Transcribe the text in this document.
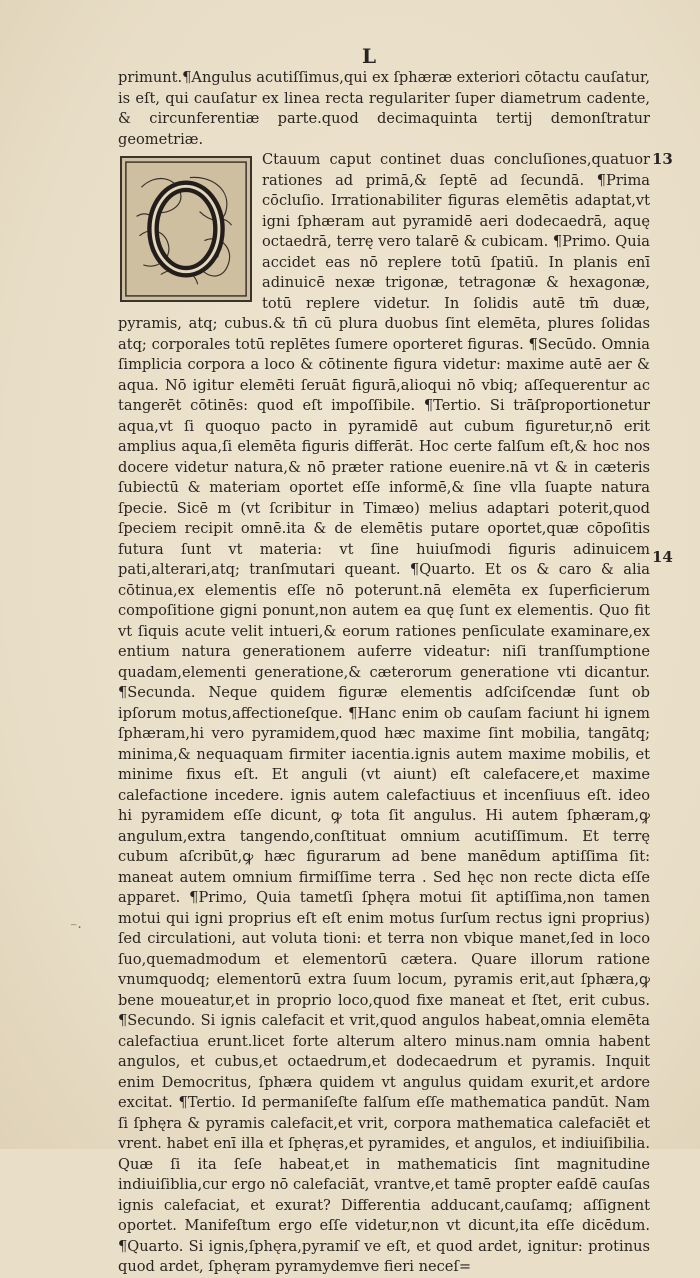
L
13
14
⁻·

primunt.¶Angulus acutiſſimus,qui ex ſphæræ exteriori cōtactu cauſatur, is eſt, qui cauſatur ex linea recta regulariter ſuper diametrum cadente, & circunferentiæ parte.quod decimaquinta tertij demonſtratur geometriæ.

Ctauum caput continet duas concluſiones,quatuor rationes ad primā,& ſeptē ad ſecundā. ¶Prima cōcluſio. Irrationabiliter figuras elemētis adaptat,vt igni ſphæram aut pyramidē aeri dodecaedrā, aquę octaedrā, terrę vero talarē & cubicam. ¶Primo. Quia accidet eas nō replere totū ſpatiū. In planis enī adinuicē nexæ trigonæ, tetragonæ & hexagonæ, totū replere videtur. In ſolidis autē tm̄ duæ, pyramis, atq; cubus.& tn̄ cū plura duobus ſint elemēta, plures ſolidas atq; corporales totū replētes ſumere oporteret figuras. ¶Secūdo. Omnia ſimplicia corpora a loco & cōtinente figura videtur: maxime autē aer & aqua. Nō igitur elemēti ſeruāt figurā,alioqui nō vbiq; aſſequerentur ac tangerēt cōtinēs: quod eſt impoſſibile. ¶Tertio. Si trāſproportionetur aqua,vt ſi quoquo pacto in pyramidē aut cubum figuretur,nō erit amplius aqua,ſi elemēta figuris differāt. Hoc certe falſum eſt,& hoc nos docere videtur natura,& nō præter ratione euenire.nā vt & in cæteris ſubiectū & materiam oportet eſſe informē,& ſine vlla ſuapte natura ſpecie. Sicē m (vt ſcribitur in Timæo) melius adaptari poterit,quod ſpeciem recipit omnē.ita & de elemētis putare oportet,quæ cōpoſitis futura ſunt vt materia: vt ſine huiuſmodi figuris adinuicem pati,alterari,atq; tranſmutari queant. ¶Quarto. Et os & caro & alia cōtinua,ex elementis eſſe nō poterunt.nā elemēta ex ſuperficierum compoſitione gigni ponunt,non autem ea quę ſunt ex elementis. Quo fit vt ſiquis acute velit intueri,& eorum rationes penſiculate examinare,ex entium natura generationem auferre videatur: niſi tranſſumptione quadam,elementi generatione,& cæterorum generatione vti dicantur. ¶Secunda. Neque quidem figuræ elementis adſciſcendæ ſunt ob ipſorum motus,affectioneſque. ¶Hanc enim ob cauſam faciunt hi ignem ſphæram,hi vero pyramidem,quod hæc maxime ſint mobilia, tangātq; minima,& nequaquam firmiter iacentia.ignis autem maxime mobilis, et minime fixus eſt. Et anguli (vt aiunt) eſt calefacere,et maxime calefactione incedere. ignis autem calefactiuus et incenſiuus eſt. ideo hi pyramidem eſſe dicunt, ꝙ tota ſit angulus. Hi autem ſphæram,ꝙ angulum,extra tangendo,conſtituat omnium acutiſſimum. Et terrę cubum aſcribūt,ꝙ hæc figurarum ad bene manēdum aptiſſima ſit: maneat autem omnium firmiſſime terra . Sed hęc non recte dicta eſſe apparet. ¶Primo, Quia tametſi ſphęra motui ſit aptiſſima,non tamen motui qui igni proprius eſt eſt enim motus ſurſum rectus igni proprius) ſed circulationi, aut voluta tioni: et terra non vbique manet,ſed in loco ſuo,quemadmodum et elementorū cætera. Quare illorum ratione vnumquodq; elementorū extra ſuum locum, pyramis erit,aut ſphæra,ꝙ bene moueatur,et in proprio loco,quod fixe maneat et ſtet, erit cubus. ¶Secundo. Si ignis calefacit et vrit,quod angulos habeat,omnia elemēta calefactiua erunt.licet forte alterum altero minus.nam omnia habent angulos, et cubus,et octaedrum,et dodecaedrum et pyramis. Inquit enim Democritus, ſphæra quidem vt angulus quidam exurit,et ardore excitat. ¶Tertio. Id permaniſeſte falſum eſſe mathematica pandūt. Nam ſi ſphęra & pyramis calefacit,et vrit, corpora mathematica calefaciēt et vrent. habet enī illa et ſphęras,et pyramides, et angulos, et indiuiſibilia. Quæ ſi ita ſeſe habeat,et in mathematicis ſint magnitudine indiuiſiblia,cur ergo nō calefaciāt, vrantve,et tamē propter eaſdē cauſas ignis calefaciat, et exurat? Differentia adducant,cauſamq; aſſignent oportet. Manifeſtum ergo eſſe videtur,non vt dicunt,ita eſſe dicēdum. ¶Quarto. Si ignis,ſphęra,pyramiſ ve eſt, et quod ardet, ignitur: protinus quod ardet, ſphęram pyramydemve fieri neceſ=
